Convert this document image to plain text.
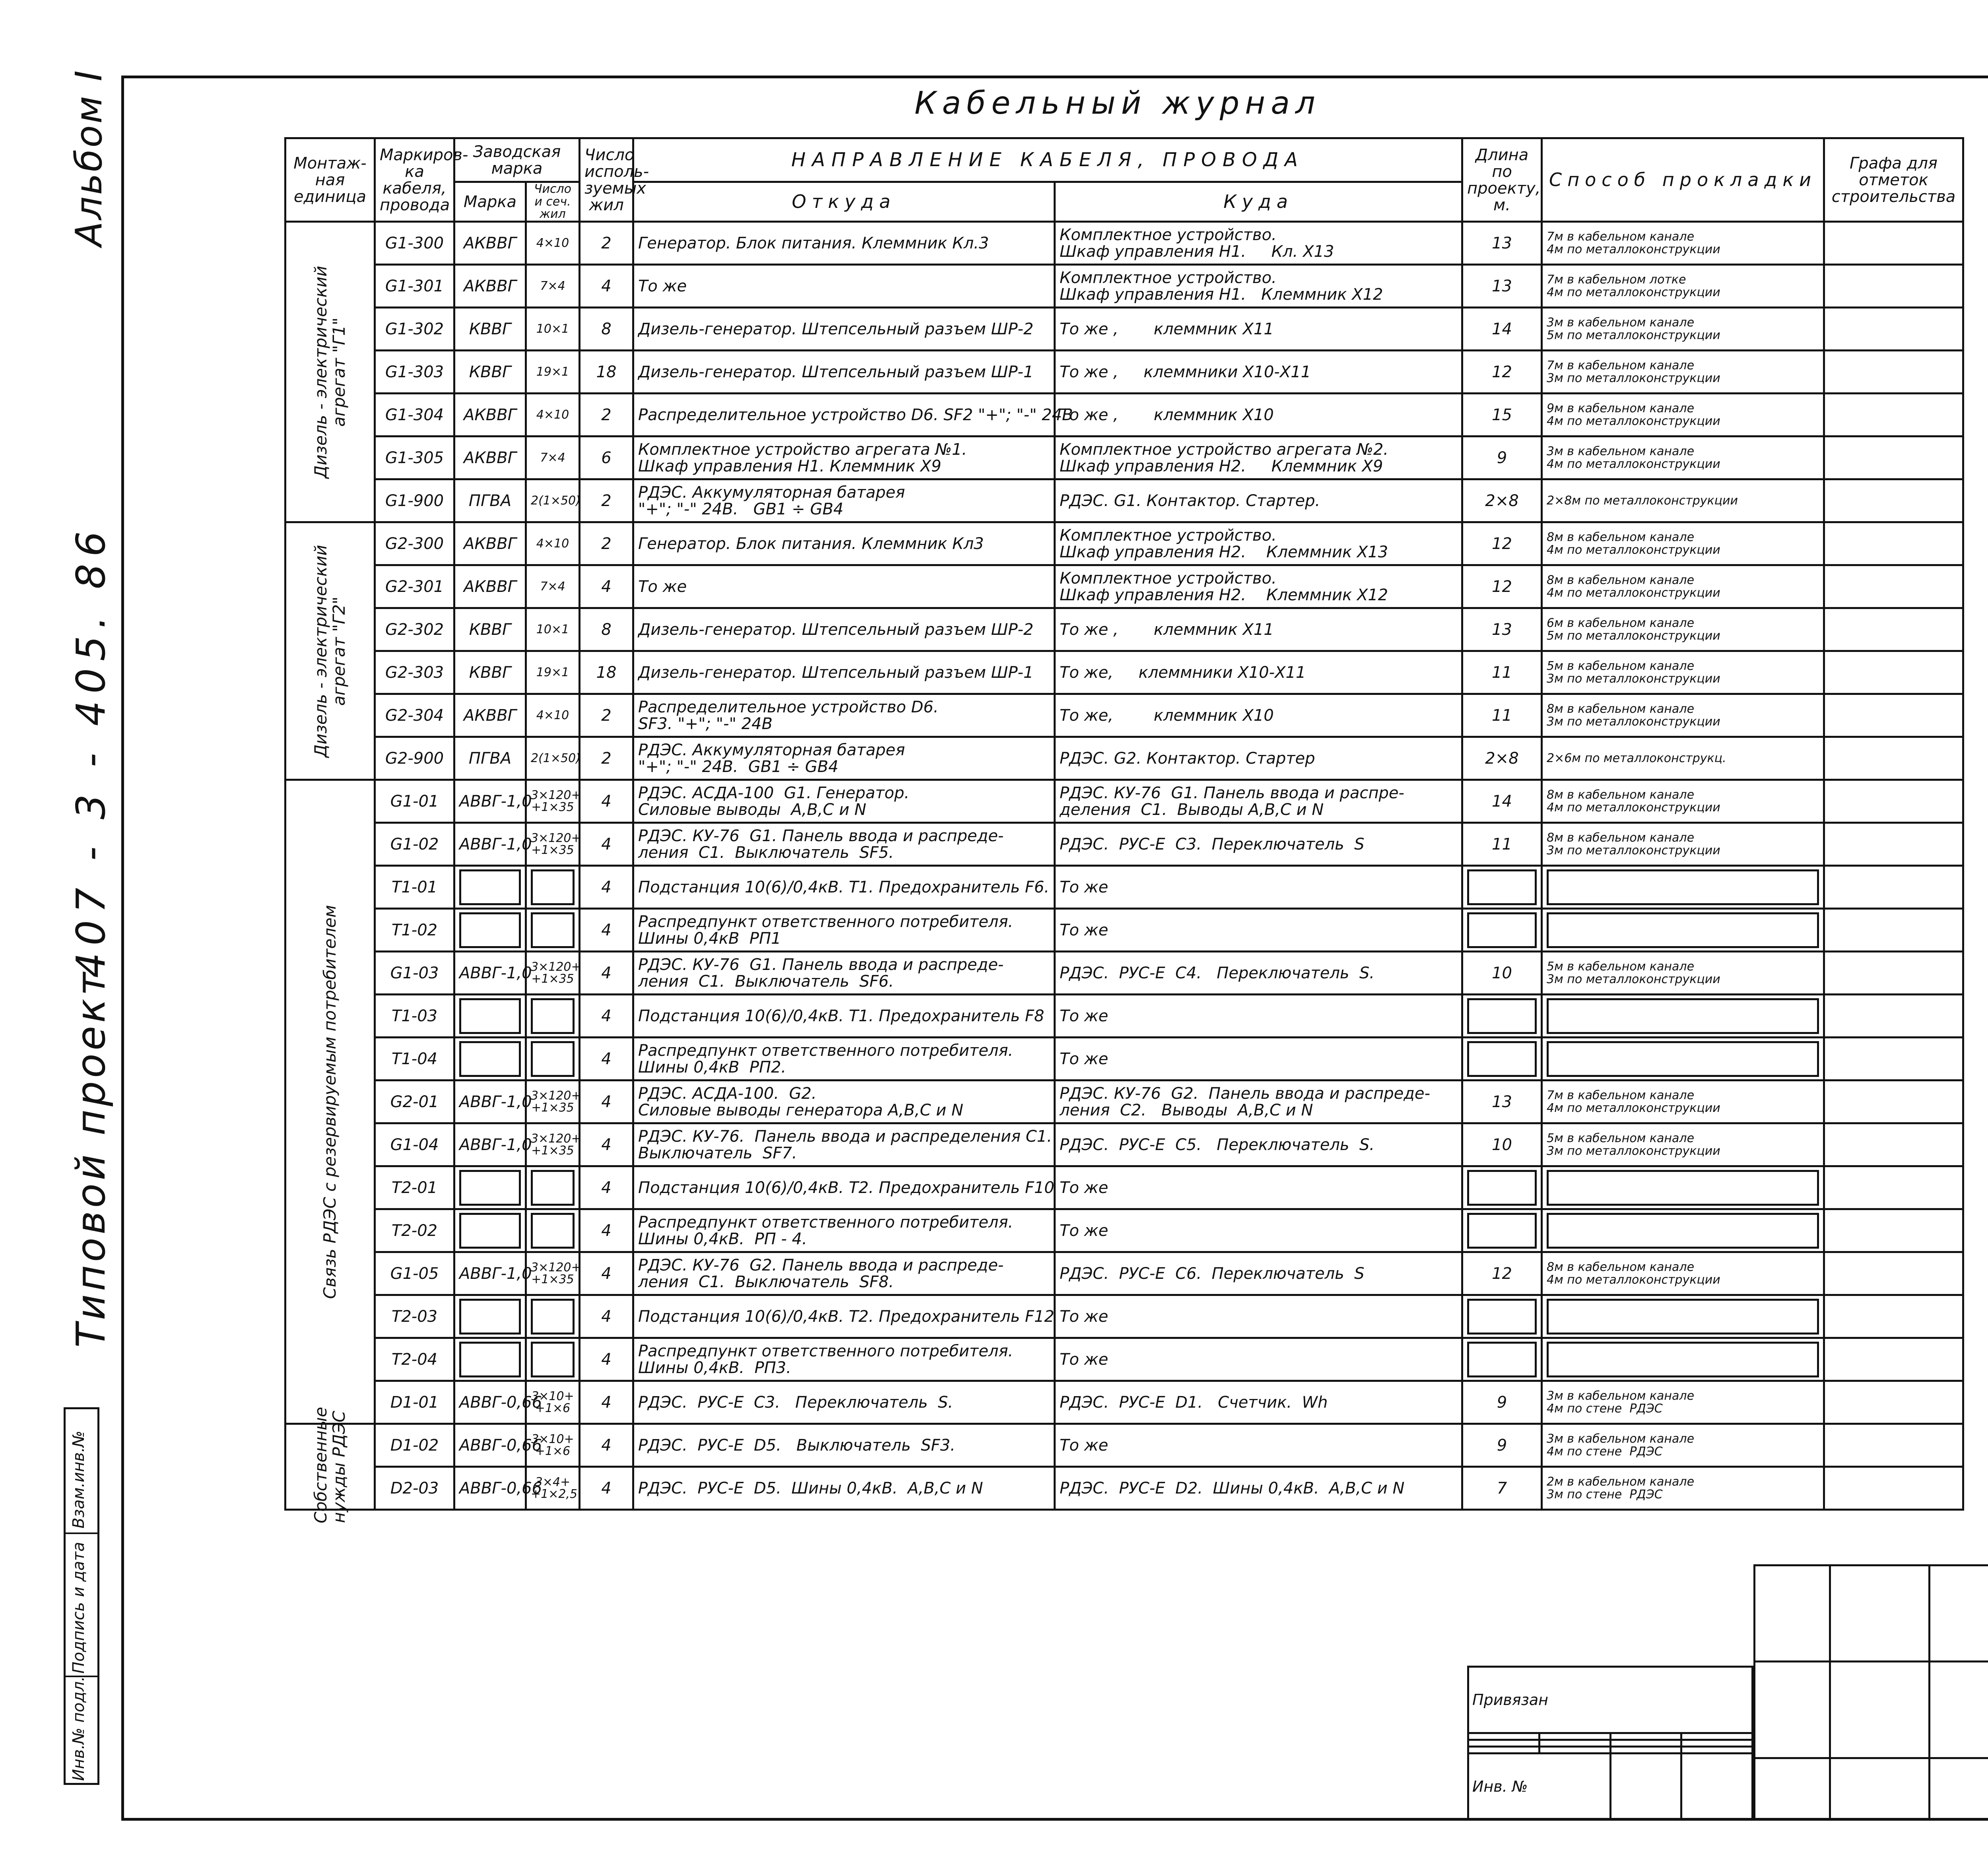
Альбом I
Типовой проект
407 - 3 - 405. 86
Взам.инв.№
Подпись и дата
Инв.№ подл.
Кабельный журнал
Монтаж-ная единица	Маркиров-ка кабеля, провода	Заводская марка		Число исполь-зуемых жил	НАПРАВЛЕНИЕ КАБЕЛЯ, ПРОВОДА		Длина по проекту, м.	Способ прокладки	Графа для отметок строительства
		Марка	Число и сеч. жил		Откуда	Куда			

Дизель - электрический агрегат "Г1"	G1-300	АКВВГ	4×10	2	Генератор. Блок питания. Клеммник Кл.3	Комплектное устройство.
Шкаф управления Н1.     Кл. Х13	13	7м в кабельном канале
4м по металлоконструкции	
	G1-301	АКВВГ	7×4	4	То же	Комплектное устройство.
Шкаф управления Н1.   Клеммник Х12	13	7м в кабельном лотке
4м по металлоконструкции	
	G1-302	КВВГ	10×1	8	Дизель-генератор. Штепсельный разъем ШР-2	То же ,       клеммник Х11	14	3м в кабельном канале
5м по металлоконструкции	
	G1-303	КВВГ	19×1	18	Дизель-генератор. Штепсельный разъем ШР-1	То же ,     клеммники Х10-Х11	12	7м в кабельном канале
3м по металлоконструкции	
	G1-304	АКВВГ	4×10	2	Распределительное устройство D6. SF2 "+"; "-" 24В	То же ,       клеммник Х10	15	9м в кабельном канале
4м по металлоконструкции	
	G1-305	АКВВГ	7×4	6	Комплектное устройство агрегата №1.
Шкаф управления Н1. Клеммник Х9	Комплектное устройство агрегата №2.
Шкаф управления Н2.     Клеммник Х9	9	3м в кабельном канале
4м по металлоконструкции	
	G1-900	ПГВА	2(1×50)	2	РДЭС. Аккумуляторная батарея
"+"; "-" 24В.   GB1 ÷ GB4	РДЭС. G1. Контактор. Стартер.	2×8	2×8м по металлоконструкции	

Дизель - электрический агрегат "Г2"	G2-300	АКВВГ	4×10	2	Генератор. Блок питания. Клеммник Кл3	Комплектное устройство.
Шкаф управления Н2.    Клеммник Х13	12	8м в кабельном канале
4м по металлоконструкции	
	G2-301	АКВВГ	7×4	4	То же	Комплектное устройство.
Шкаф управления Н2.    Клеммник Х12	12	8м в кабельном канале
4м по металлоконструкции	
	G2-302	КВВГ	10×1	8	Дизель-генератор. Штепсельный разъем ШР-2	То же ,       клеммник Х11	13	6м в кабельном канале
5м по металлоконструкции	
	G2-303	КВВГ	19×1	18	Дизель-генератор. Штепсельный разъем ШР-1	То же,     клеммники Х10-Х11	11	5м в кабельном канале
3м по металлоконструкции	
	G2-304	АКВВГ	4×10	2	Распределительное устройство D6.
SF3. "+"; "-" 24В	То же,        клеммник Х10	11	8м в кабельном канале
3м по металлоконструкции	
	G2-900	ПГВА	2(1×50)	2	РДЭС. Аккумуляторная батарея
"+"; "-" 24В.  GB1 ÷ GB4	РДЭС. G2. Контактор. Стартер	2×8	2×6м по металлоконструкц.	

Связь РДЭС с резервируемым потребителем	G1-01	АВВГ-1,0	3×120+
+1×35	4	РДЭС. АСДА-100  G1. Генератор.
Силовые выводы  А,В,С и N	РДЭС. КУ-76  G1. Панель ввода и распре-
деления  С1.  Выводы А,В,С и N	14	8м в кабельном канале
4м по металлоконструкции	
	G1-02	АВВГ-1,0	3×120+
+1×35	4	РДЭС. КУ-76  G1. Панель ввода и распреде-
ления  С1.  Выключатель  SF5.	РДЭС.  РУС-Е  С3.  Переключатель  S	11	8м в кабельном канале
3м по металлоконструкции	
	Т1-01			4	Подстанция 10(6)/0,4кВ. Т1. Предохранитель F6.	То же	

	Т1-02			4	Распредпункт ответственного потребителя.
Шины 0,4кВ  РП1	То же	

	G1-03	АВВГ-1,0	3×120+
+1×35	4	РДЭС. КУ-76  G1. Панель ввода и распреде-
ления  С1.  Выключатель  SF6.	РДЭС.  РУС-Е  С4.   Переключатель  S.	10	5м в кабельном канале
3м по металлоконструкции	
	Т1-03			4	Подстанция 10(6)/0,4кВ. Т1. Предохранитель F8	То же	

	Т1-04			4	Распредпункт ответственного потребителя.
Шины 0,4кВ  РП2.	То же	

	G2-01	АВВГ-1,0	3×120+
+1×35	4	РДЭС. АСДА-100.  G2.
Силовые выводы генератора А,В,С и N	РДЭС. КУ-76  G2.  Панель ввода и распреде-
ления  С2.   Выводы  А,В,С и N	13	7м в кабельном канале
4м по металлоконструкции	
	G1-04	АВВГ-1,0	3×120+
+1×35	4	РДЭС. КУ-76.  Панель ввода и распределения С1.
Выключатель  SF7.	РДЭС.  РУС-Е  С5.   Переключатель  S.	10	5м в кабельном канале
3м по металлоконструкции	
	Т2-01			4	Подстанция 10(6)/0,4кВ. Т2. Предохранитель F10	То же	

	Т2-02			4	Распредпункт ответственного потребителя.
Шины 0,4кВ.  РП - 4.	То же	

	G1-05	АВВГ-1,0	3×120+
+1×35	4	РДЭС. КУ-76  G2. Панель ввода и распреде-
ления  С1.  Выключатель  SF8.	РДЭС.  РУС-Е  С6.  Переключатель  S	12	8м в кабельном канале
4м по металлоконструкции	
	Т2-03			4	Подстанция 10(6)/0,4кВ. Т2. Предохранитель F12	То же	

	Т2-04			4	Распредпункт ответственного потребителя.
Шины 0,4кВ.  РП3.	То же	

	D1-01	АВВГ-0,66	3×10+
+1×6	4	РДЭС.  РУС-Е  С3.   Переключатель  S.	РДЭС.  РУС-Е  D1.   Счетчик.  Wh	9	3м в кабельном канале
4м по стене  РДЭС	

Собственные нужды РДЭС	D1-02	АВВГ-0,66	3×10+
+1×6	4	РДЭС.  РУС-Е  D5.   Выключатель  SF3.	То же	9	3м в кабельном канале
4м по стене  РДЭС	
	D2-03	АВВГ-0,66	3×4+
+1×2,5	4	РДЭС.  РУС-Е  D5.  Шины 0,4кВ.  А,В,С и N	РДЭС.  РУС-Е  D2.  Шины 0,4кВ.  А,В,С и N	7	2м в кабельном канале
3м по стене  РДЭС	
Привязан			

Инв. №			
